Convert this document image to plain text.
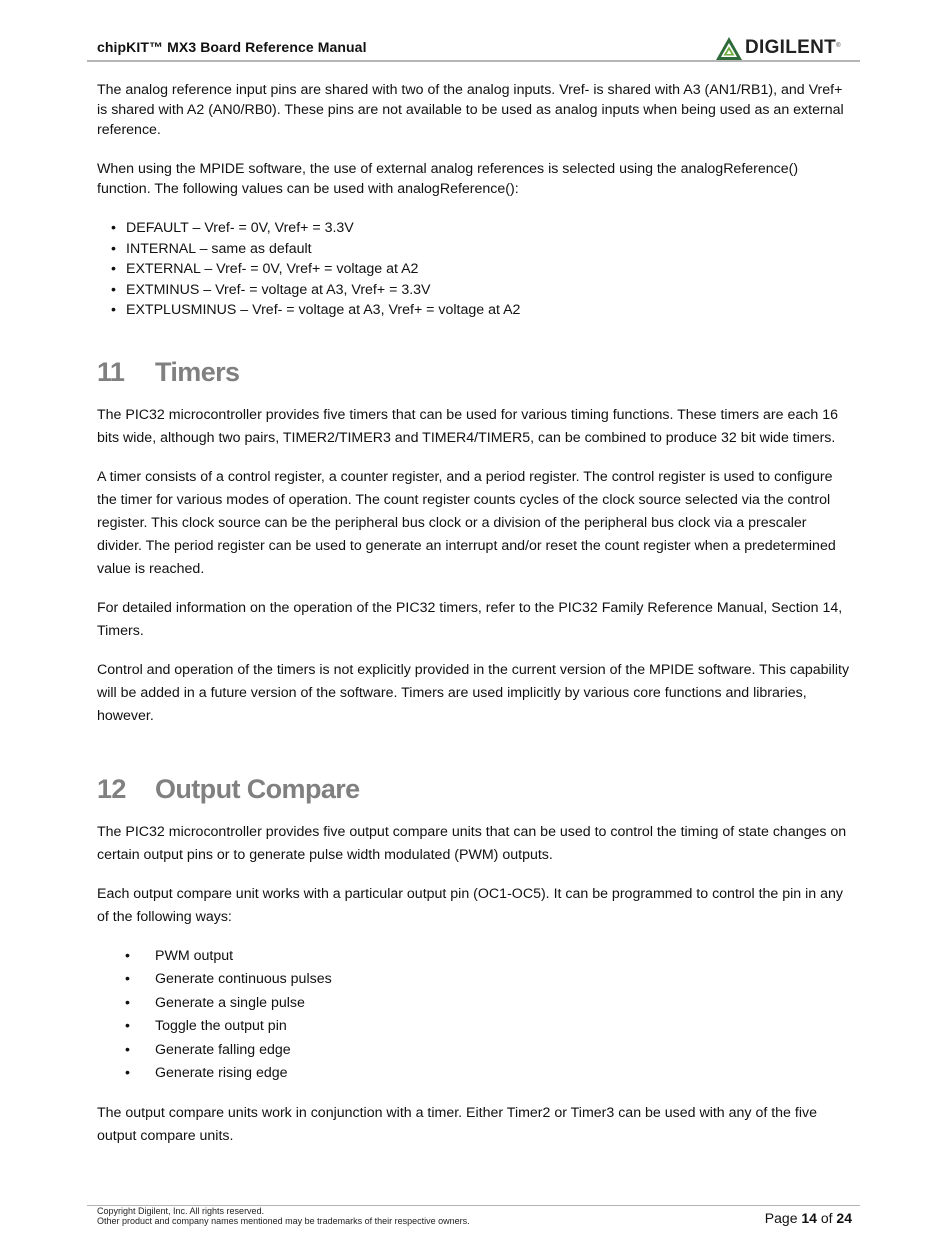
chipKIT™ MX3 Board Reference Manual	DIGILENT ®

The analog reference input pins are shared with two of the analog inputs. Vref- is shared with A3 (AN1/RB1), and Vref+ is shared with A2 (AN0/RB0). These pins are not available to be used as analog inputs when being used as an external reference.

When using the MPIDE software, the use of external analog references is selected using the analogReference() function. The following values can be used with analogReference():

• DEFAULT – Vref- = 0V, Vref+ = 3.3V
• INTERNAL – same as default
• EXTERNAL – Vref- = 0V, Vref+ = voltage at A2
• EXTMINUS – Vref- = voltage at A3, Vref+ = 3.3V
• EXTPLUSMINUS – Vref- = voltage at A3, Vref+ = voltage at A2
11	Timers

The PIC32 microcontroller provides five timers that can be used for various timing functions. These timers are each 16 bits wide, although two pairs, TIMER2/TIMER3 and TIMER4/TIMER5, can be combined to produce 32 bit wide timers.

A timer consists of a control register, a counter register, and a period register. The control register is used to configure the timer for various modes of operation. The count register counts cycles of the clock source selected via the control register. This clock source can be the peripheral bus clock or a division of the peripheral bus clock via a prescaler divider. The period register can be used to generate an interrupt and/or reset the count register when a predetermined value is reached.

For detailed information on the operation of the PIC32 timers, refer to the PIC32 Family Reference Manual, Section 14, Timers.

Control and operation of the timers is not explicitly provided in the current version of the MPIDE software. This capability will be added in a future version of the software. Timers are used implicitly by various core functions and libraries, however.

12	Output Compare

The PIC32 microcontroller provides five output compare units that can be used to control the timing of state changes on certain output pins or to generate pulse width modulated (PWM) outputs.

Each output compare unit works with a particular output pin (OC1-OC5). It can be programmed to control the pin in any of the following ways:

• PWM output
• Generate continuous pulses
• Generate a single pulse
• Toggle the output pin
• Generate falling edge
• Generate rising edge

The output compare units work in conjunction with a timer. Either Timer2 or Timer3 can be used with any of the five output compare units.

Copyright Digilent, Inc. All rights reserved.
Other product and company names mentioned may be trademarks of their respective owners.	Page 14 of 24
